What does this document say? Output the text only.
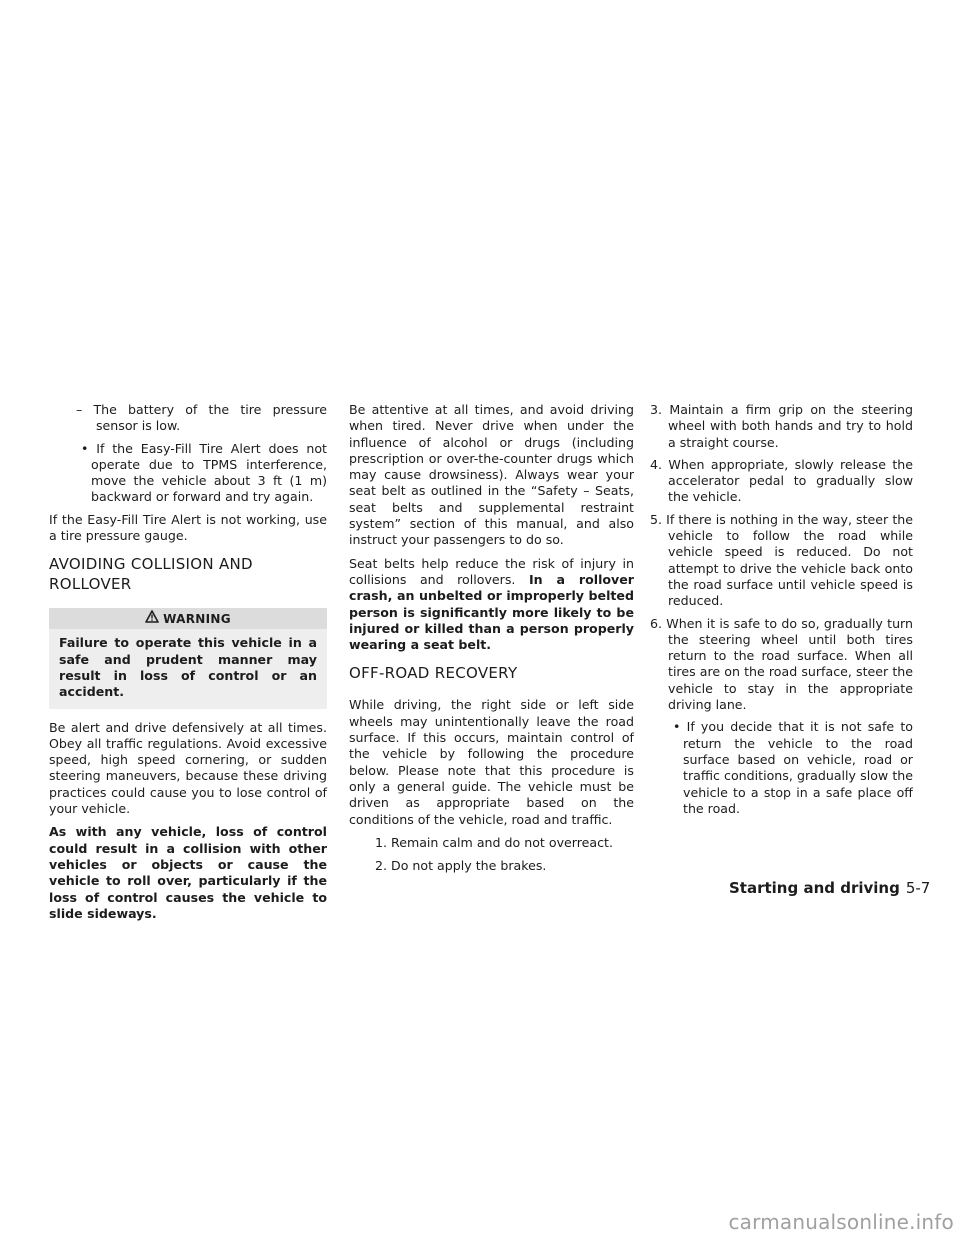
– The battery of the tire pressure sensor is low.

• If the Easy-Fill Tire Alert does not operate due to TPMS interference, move the vehicle about 3 ft (1 m) backward or forward and try again.

If the Easy-Fill Tire Alert is not working, use a tire pressure gauge.

AVOIDING COLLISION AND
ROLLOVER
WARNING
Failure to operate this vehicle in a safe and prudent manner may result in loss of control or an accident.

Be alert and drive defensively at all times. Obey all traffic regulations. Avoid excessive speed, high speed cornering, or sudden steering maneuvers, because these driving practices could cause you to lose control of your vehicle.

As with any vehicle, loss of control could result in a collision with other vehicles or objects or cause the vehicle to roll over, particularly if the loss of control causes the vehicle to slide sideways.

Be attentive at all times, and avoid driving when tired. Never drive when under the influence of alcohol or drugs (including prescription or over-the-counter drugs which may cause drowsiness). Always wear your seat belt as outlined in the “Safety – Seats, seat belts and supplemental restraint system” section of this manual, and also instruct your passengers to do so.

Seat belts help reduce the risk of injury in collisions and rollovers. In a rollover crash, an unbelted or improperly belted person is significantly more likely to be injured or killed than a person properly wearing a seat belt.

OFF-ROAD RECOVERY

While driving, the right side or left side wheels may unintentionally leave the road surface. If this occurs, maintain control of the vehicle by following the procedure below. Please note that this procedure is only a general guide. The vehicle must be driven as appropriate based on the conditions of the vehicle, road and traffic.

1. Remain calm and do not overreact.

2. Do not apply the brakes.

3. Maintain a firm grip on the steering wheel with both hands and try to hold a straight course.

4. When appropriate, slowly release the accelerator pedal to gradually slow the vehicle.

5. If there is nothing in the way, steer the vehicle to follow the road while vehicle speed is reduced. Do not attempt to drive the vehicle back onto the road surface until vehicle speed is reduced.

6. When it is safe to do so, gradually turn the steering wheel until both tires return to the road surface. When all tires are on the road surface, steer the vehicle to stay in the appropriate driving lane.

• If you decide that it is not safe to return the vehicle to the road surface based on vehicle, road or traffic conditions, gradually slow the vehicle to a stop in a safe place off the road.

Starting and driving 5-7
carmanualsonline.info
